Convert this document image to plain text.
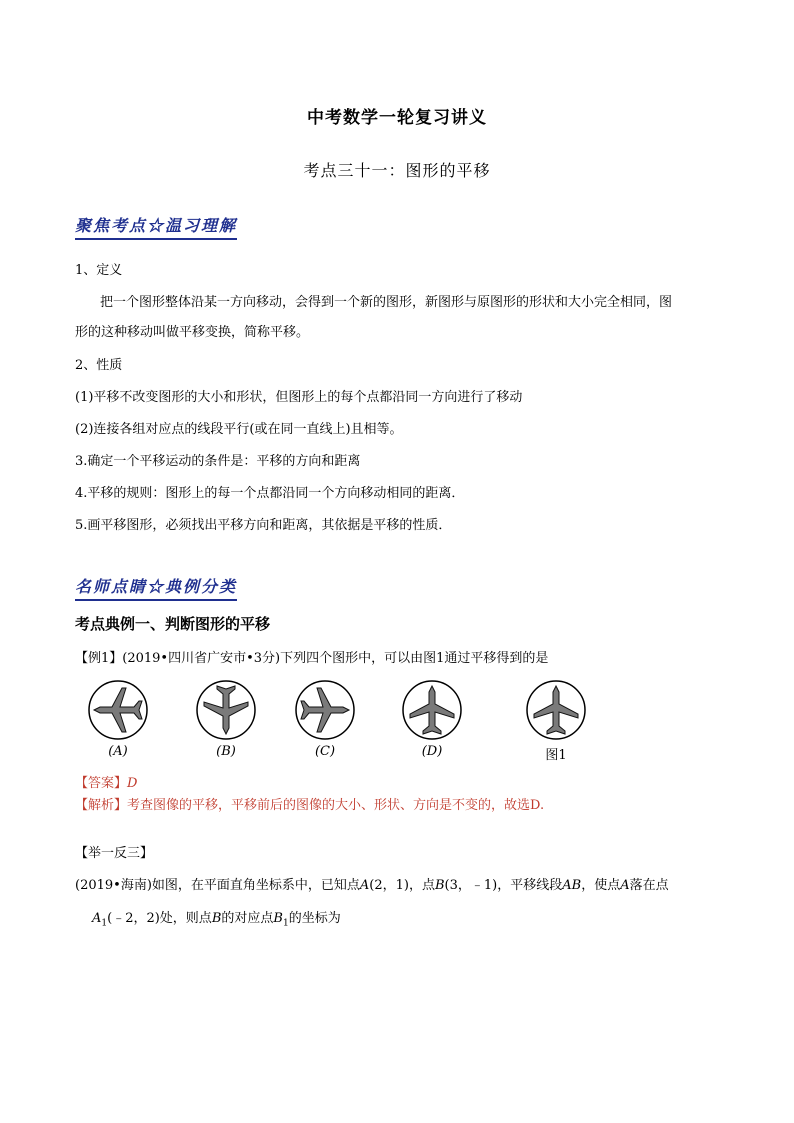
中考数学一轮复习讲义
考点三十一：图形的平移
聚焦考点☆温习理解
1、定义
把一个图形整体沿某一方向移动，会得到一个新的图形，新图形与原图形的形状和大小完全相同，图
形的这种移动叫做平移变换，简称平移。
2、性质
(1)平移不改变图形的大小和形状，但图形上的每个点都沿同一方向进行了移动
(2)连接各组对应点的线段平行(或在同一直线上)且相等。
3.确定一个平移运动的条件是：平移的方向和距离
4.平移的规则：图形上的每一个点都沿同一个方向移动相同的距离．
5.画平移图形，必须找出平移方向和距离，其依据是平移的性质．
名师点睛☆典例分类
考点典例一、判断图形的平移
【例1】(2019•四川省广安市•3分)下列四个图形中，可以由图1通过平移得到的是
(A)	(B)	(C)	(D)	图1
【答案】D
【解析】考查图像的平移，平移前后的图像的大小、形状、方向是不变的，故选D.
【举一反三】
(2019•海南)如图，在平面直角坐标系中，已知点A(2，1)，点B(3，﹣1)，平移线段AB，使点A落在点
$A_1(﹣2$，2)处，则点B的对应点$B_1$的坐标为
